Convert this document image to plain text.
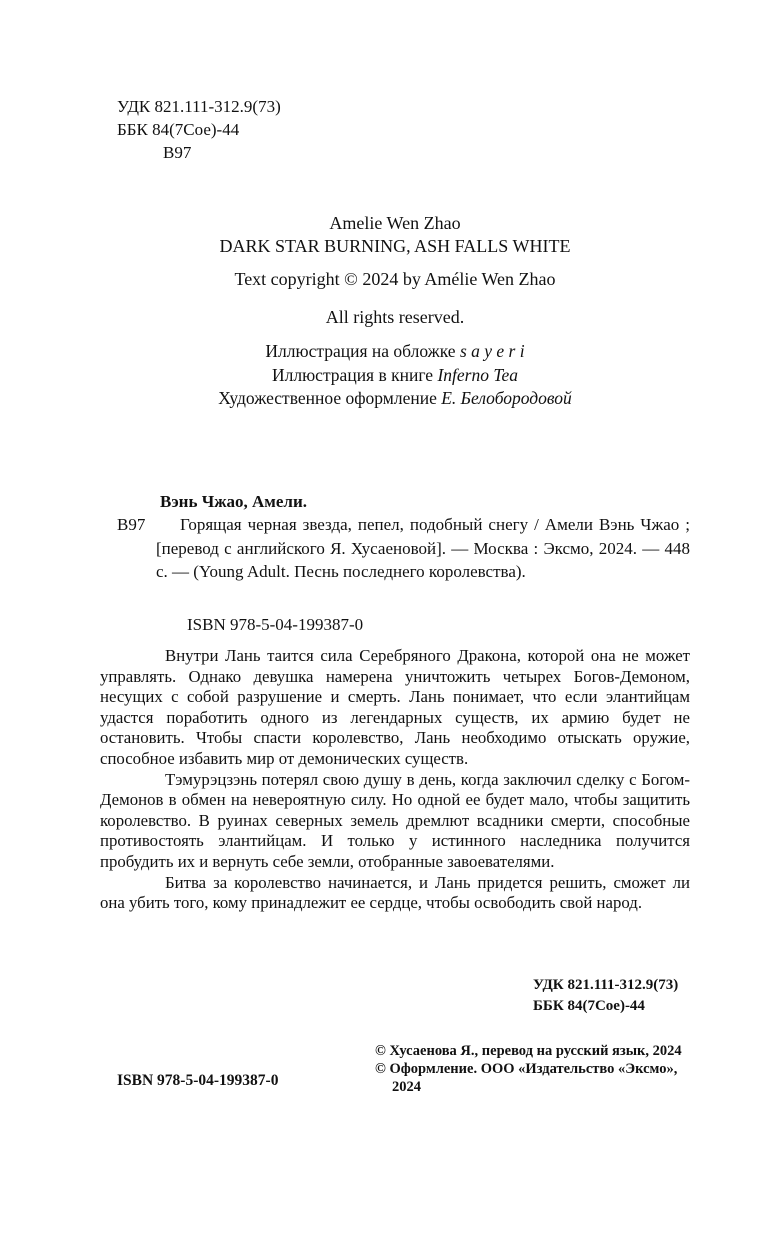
УДК 821.111-312.9(73)
ББК 84(7Сое)-44
В97
Amelie Wen Zhao
DARK STAR BURNING, ASH FALLS WHITE
Text copyright © 2024 by Amélie Wen Zhao
All rights reserved.
Иллюстрация на обложке s a y e r i
Иллюстрация в книге Inferno Tea
Художественное оформление Е. Белобородовой
Вэнь Чжао, Амели.
В97	Горящая черная звезда, пепел, подобный снегу / Амели Вэнь Чжао ; [перевод с английского Я. Хусаеновой]. — Москва : Эксмо, 2024. — 448 с. — (Young Adult. Песнь последнего королевства).
ISBN 978-5-04-199387-0

Внутри Лань таится сила Серебряного Дракона, которой она не может управлять. Однако девушка намерена уничтожить четырех Богов-Демоном, несущих с собой разрушение и смерть. Лань понимает, что если элантийцам удастся поработить одного из легендарных существ, их армию будет не остановить. Чтобы спасти королевство, Лань необходимо отыскать оружие, способное избавить мир от демонических существ.

Тэмурэцзэнь потерял свою душу в день, когда заключил сделку с Богом-Демонов в обмен на невероятную силу. Но одной ее будет мало, чтобы защитить королевство. В руинах северных земель дремлют всадники смерти, способные противостоять элантийцам. И только у истинного наследника получится пробудить их и вернуть себе земли, отобранные завоевателями.

Битва за королевство начинается, и Лань придется решить, сможет ли она убить того, кому принадлежит ее сердце, чтобы освободить свой народ.

УДК 821.111-312.9(73)
ББК 84(7Сое)-44
ISBN 978-5-04-199387-0
© Хусаенова Я., перевод на русский язык, 2024
© Оформление. ООО «Издательство «Эксмо», 2024
